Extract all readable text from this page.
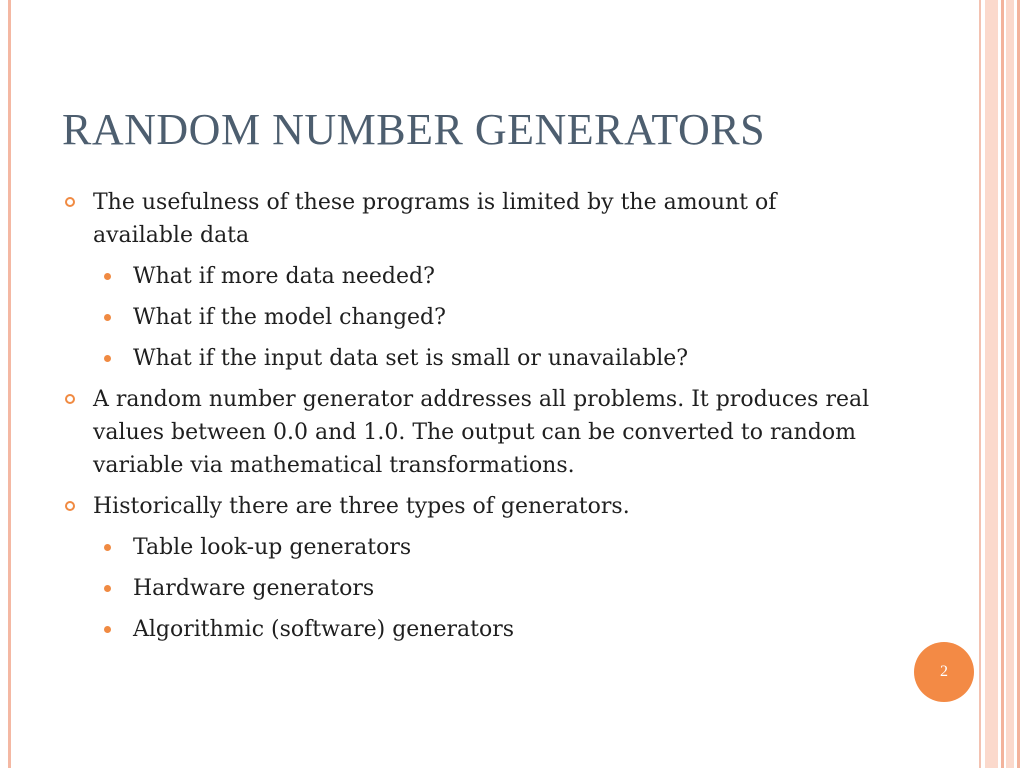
RANDOM NUMBER GENERATORS
The usefulness of these programs is limited by the amount of available data
What if more data needed?
What if the model changed?
What if the input data set is small or unavailable?
A random number generator addresses all problems. It produces real values between 0.0 and 1.0. The output can be converted to random variable via mathematical transformations.
Historically there are three types of generators.
Table look-up generators
Hardware generators
Algorithmic (software) generators
2
